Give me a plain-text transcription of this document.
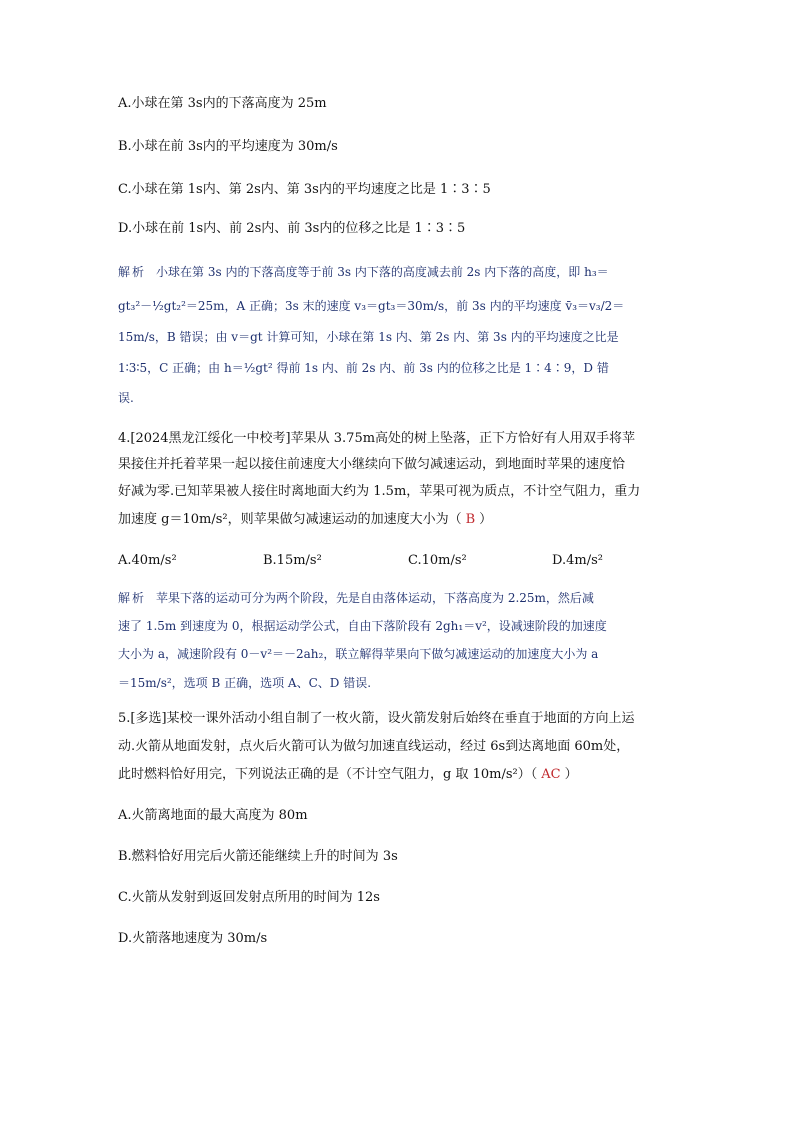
A.小球在第 3s内的下落高度为 25m
B.小球在前 3s内的平均速度为 30m/s
C.小球在第 1s内、第 2s内、第 3s内的平均速度之比是 1∶3∶5
D.小球在前 1s内、前 2s内、前 3s内的位移之比是 1∶3∶5
解析 小球在第 3s 内的下落高度等于前 3s 内下落的高度减去前 2s 内下落的高度，即 h₃＝
gt₃²－½gt₂²＝25m，A 正确；3s 末的速度 v₃＝gt₃＝30m/s，前 3s 内的平均速度 v̄₃＝v₃/2＝
15m/s，B 错误；由 v＝gt 计算可知，小球在第 1s 内、第 2s 内、第 3s 内的平均速度之比是
1∶3∶5，C 正确；由 h＝½gt² 得前 1s 内、前 2s 内、前 3s 内的位移之比是 1∶4∶9，D 错
误.
4.[2024黑龙江绥化一中校考]苹果从 3.75m高处的树上坠落，正下方恰好有人用双手将苹
果接住并托着苹果一起以接住前速度大小继续向下做匀减速运动，到地面时苹果的速度恰
好减为零.已知苹果被人接住时离地面大约为 1.5m，苹果可视为质点，不计空气阻力，重力
加速度 g＝10m/s²，则苹果做匀减速运动的加速度大小为（ B ）
A.40m/s²	B.15m/s²	C.10m/s²	D.4m/s²
解析 苹果下落的运动可分为两个阶段，先是自由落体运动，下落高度为 2.25m，然后减
速了 1.5m 到速度为 0，根据运动学公式，自由下落阶段有 2gh₁＝v²，设减速阶段的加速度
大小为 a，减速阶段有 0－v²＝－2ah₂，联立解得苹果向下做匀减速运动的加速度大小为 a
＝15m/s²，选项 B 正确，选项 A、C、D 错误.
5.[多选]某校一课外活动小组自制了一枚火箭，设火箭发射后始终在垂直于地面的方向上运
动.火箭从地面发射，点火后火箭可认为做匀加速直线运动，经过 6s到达离地面 60m处，
此时燃料恰好用完，下列说法正确的是（不计空气阻力，g 取 10m/s²）（ AC ）
A.火箭离地面的最大高度为 80m
B.燃料恰好用完后火箭还能继续上升的时间为 3s
C.火箭从发射到返回发射点所用的时间为 12s
D.火箭落地速度为 30m/s
